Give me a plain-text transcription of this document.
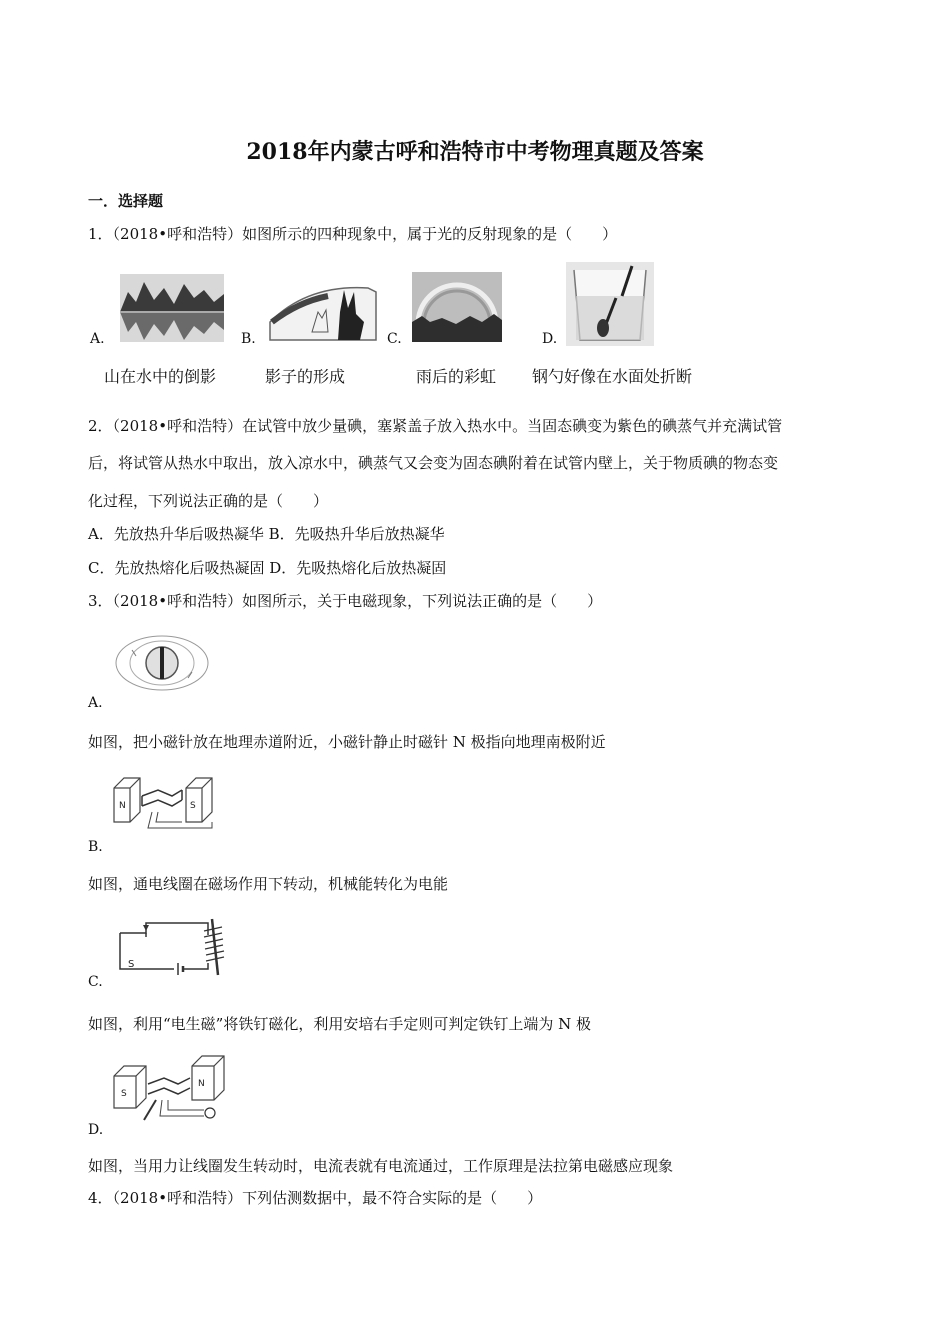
2018年内蒙古呼和浩特市中考物理真题及答案
一．选择题
1．（2018•呼和浩特）如图所示的四种现象中，属于光的反射现象的是（　　）
A.
山在水中的倒影
B.
影子的形成
C.
雨后的彩虹
D.
钢勺好像在水面处折断
2．（2018•呼和浩特）在试管中放少量碘，塞紧盖子放入热水中。当固态碘变为紫色的碘蒸气并充满试管
后，将试管从热水中取出，放入凉水中，碘蒸气又会变为固态碘附着在试管内壁上，关于物质碘的物态变
化过程，下列说法正确的是（　　）
A．先放热升华后吸热凝华 B．先吸热升华后放热凝华
C．先放热熔化后吸热凝固 D．先吸热熔化后放热凝固
3．（2018•呼和浩特）如图所示，关于电磁现象，下列说法正确的是（　　）
A.
如图，把小磁针放在地理赤道附近，小磁针静止时磁针 N 极指向地理南极附近
N	S
B.
如图，通电线圈在磁场作用下转动，机械能转化为电能
S
C.
如图，利用“电生磁”将铁钉磁化，利用安培右手定则可判定铁钉上端为 N 极
S
N
D.
如图，当用力让线圈发生转动时，电流表就有电流通过，工作原理是法拉第电磁感应现象
4．（2018•呼和浩特）下列估测数据中，最不符合实际的是（　　）
